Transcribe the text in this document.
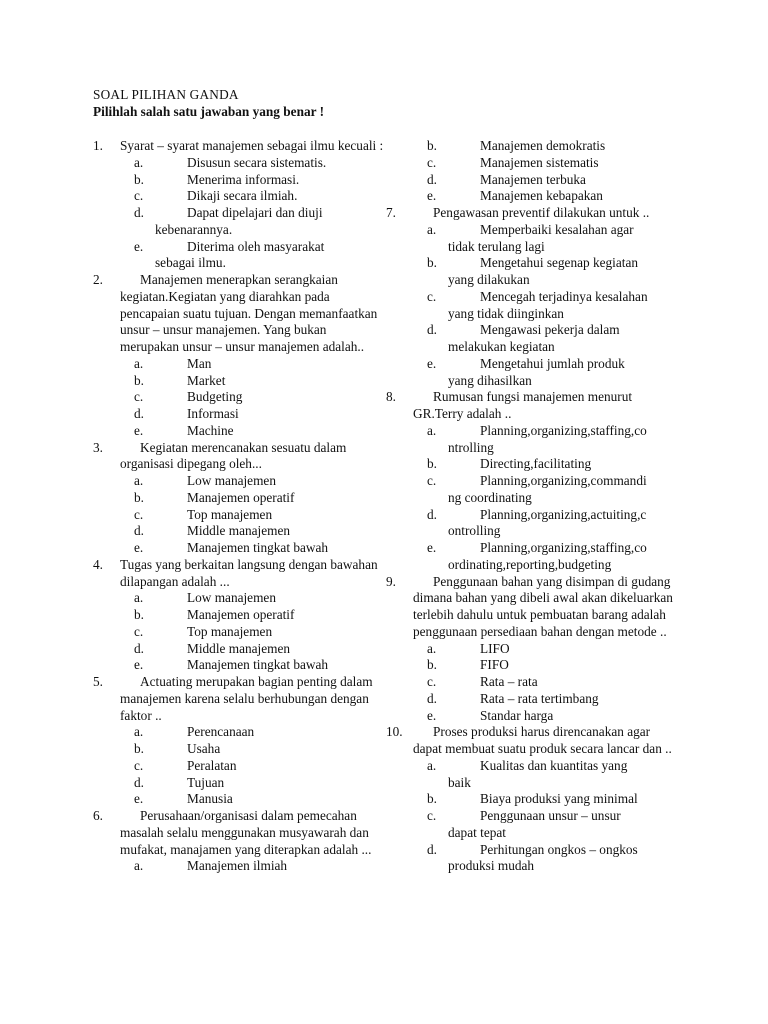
SOAL PILIHAN GANDA
Pilihlah salah satu jawaban yang benar !
1.	Syarat – syarat manajemen sebagai ilmu kecuali :
a.	Disusun secara sistematis.
b.	Menerima informasi.
c.	Dikaji secara ilmiah.
d.	Dapat dipelajari dan diuji
kebenarannya.
e.	Diterima oleh masyarakat
sebagai ilmu.
2.	Manajemen menerapkan serangkaian kegiatan.Kegiatan yang diarahkan pada pencapaian suatu tujuan. Dengan memanfaatkan unsur – unsur manajemen. Yang bukan merupakan unsur – unsur manajemen adalah..
a.	Man
b.	Market
c.	Budgeting
d.	Informasi
e.	Machine
3.	Kegiatan merencanakan sesuatu dalam organisasi dipegang oleh...
a.	Low manajemen
b.	Manajemen operatif
c.	Top manajemen
d.	Middle manajemen
e.	Manajemen tingkat bawah
4.	Tugas yang berkaitan langsung dengan bawahan dilapangan adalah ...
a.	Low manajemen
b.	Manajemen operatif
c.	Top manajemen
d.	Middle manajemen
e.	Manajemen tingkat bawah
5.	Actuating merupakan bagian penting dalam manajemen karena selalu berhubungan dengan faktor ..
a.	Perencanaan
b.	Usaha
c.	Peralatan
d.	Tujuan
e.	Manusia
6.	Perusahaan/organisasi dalam pemecahan masalah selalu menggunakan musyawarah dan mufakat, manajamen yang diterapkan adalah ...
a.	Manajemen ilmiah
b.	Manajemen demokratis
c.	Manajemen sistematis
d.	Manajemen terbuka
e.	Manajemen kebapakan
7.	Pengawasan preventif dilakukan untuk ..
a.	Memperbaiki kesalahan agar
tidak terulang lagi
b.	Mengetahui segenap kegiatan
yang dilakukan
c.	Mencegah terjadinya kesalahan
yang tidak diinginkan
d.	Mengawasi pekerja dalam
melakukan kegiatan
e.	Mengetahui jumlah produk
yang dihasilkan
8.	Rumusan fungsi manajemen menurut GR.Terry adalah ..
a.	Planning,organizing,staffing,co
ntrolling
b.	Directing,facilitating
c.	Planning,organizing,commandi
ng coordinating
d.	Planning,organizing,actuiting,c
ontrolling
e.	Planning,organizing,staffing,co
ordinating,reporting,budgeting
9.	Penggunaan bahan yang disimpan di gudang dimana bahan yang dibeli awal akan dikeluarkan terlebih dahulu untuk pembuatan barang adalah penggunaan persediaan bahan dengan metode ..
a.	LIFO
b.	FIFO
c.	Rata – rata
d.	Rata – rata tertimbang
e.	Standar harga
10.	Proses produksi harus direncanakan agar dapat membuat suatu produk secara lancar dan ..
a.	Kualitas dan kuantitas yang
baik
b.	Biaya produksi yang minimal
c.	Penggunaan unsur – unsur
dapat tepat
d.	Perhitungan ongkos – ongkos
produksi mudah
